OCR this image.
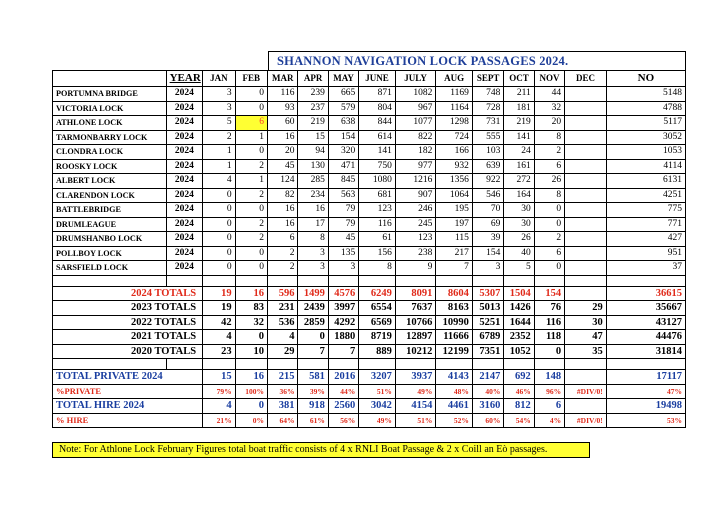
SHANNON NAVIGATION LOCK PASSAGES 2024.
	YEAR	JAN	FEB	MAR	APR	MAY	JUNE	JULY	AUG	SEPT	OCT	NOV	DEC	NO
PORTUMNA BRIDGE	2024	3	0	116	239	665	871	1082	1169	748	211	44		5148
VICTORIA LOCK	2024	3	0	93	237	579	804	967	1164	728	181	32		4788
ATHLONE LOCK	2024	5	6	60	219	638	844	1077	1298	731	219	20		5117
TARMONBARRY LOCK	2024	2	1	16	15	154	614	822	724	555	141	8		3052
CLONDRA LOCK	2024	1	0	20	94	320	141	182	166	103	24	2		1053
ROOSKY LOCK	2024	1	2	45	130	471	750	977	932	639	161	6		4114
ALBERT LOCK	2024	4	1	124	285	845	1080	1216	1356	922	272	26		6131
CLARENDON LOCK	2024	0	2	82	234	563	681	907	1064	546	164	8		4251
BATTLEBRIDGE	2024	0	0	16	16	79	123	246	195	70	30	0		775
DRUMLEAGUE	2024	0	2	16	17	79	116	245	197	69	30	0		771
DRUMSHANBO LOCK	2024	0	2	6	8	45	61	123	115	39	26	2		427
POLLBOY LOCK	2024	0	0	2	3	135	156	238	217	154	40	6		951
SARSFIELD LOCK	2024	0	0	2	3	3	8	9	7	3	5	0		37

2024 TOTALS		19	16	596	1499	4576	6249	8091	8604	5307	1504	154		36615
2023 TOTALS		19	83	231	2439	3997	6554	7637	8163	5013	1426	76	29	35667
2022 TOTALS		42	32	536	2859	4292	6569	10766	10990	5251	1644	116	30	43127
2021 TOTALS		4	0	4	0	1880	8719	12897	11666	6789	2352	118	47	44476
2020 TOTALS		23	10	29	7	7	889	10212	12199	7351	1052	0	35	31814

TOTAL PRIVATE 2024		15	16	215	581	2016	3207	3937	4143	2147	692	148		17117
%PRIVATE		79%	100%	36%	39%	44%	51%	49%	48%	40%	46%	96%	#DIV/0!	47%
TOTAL HIRE 2024		4	0	381	918	2560	3042	4154	4461	3160	812	6		19498
% HIRE		21%	0%	64%	61%	56%	49%	51%	52%	60%	54%	4%	#DIV/0!	53%
Note: For Athlone Lock February Figures total boat traffic consists of 4 x RNLI Boat Passage & 2 x Coill an Eò passages.
